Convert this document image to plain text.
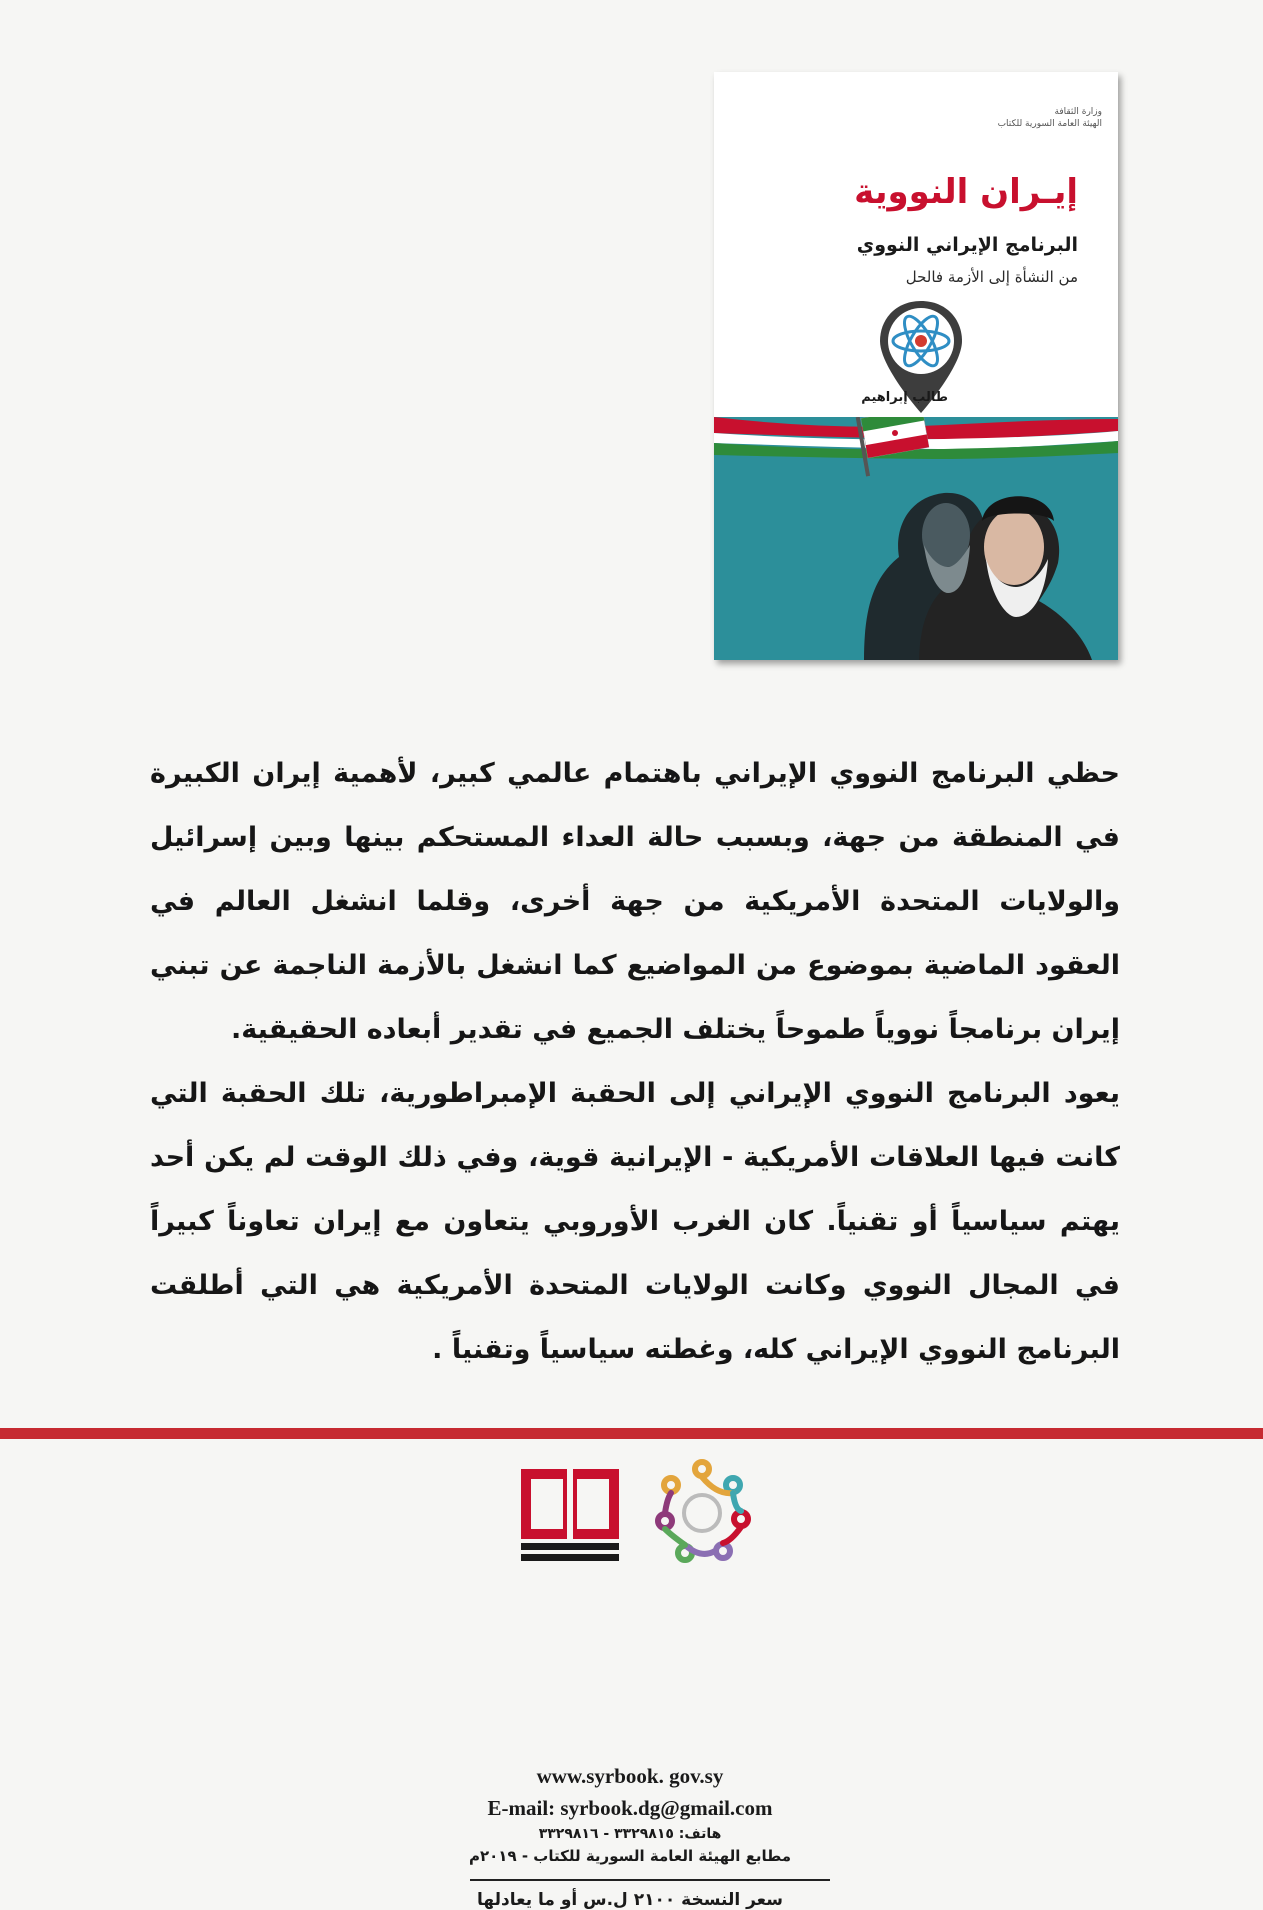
وزارة الثقافة
الهيئة العامة السورية للكتاب
إيـران النووية
البرنامج الإيراني النووي
من النشأة إلى الأزمة فالحل
طالب إبراهيم

حظي البرنامج النووي الإيراني باهتمام عالمي كبير، لأهمية إيران الكبيرة في المنطقة من جهة، وبسبب حالة العداء المستحكم بينها وبين إسرائيل والولايات المتحدة الأمريكية من جهة أخرى، وقلما انشغل العالم في العقود الماضية بموضوع من المواضيع كما انشغل بالأزمة الناجمة عن تبني إيران برنامجاً نووياً طموحاً يختلف الجميع في تقدير أبعاده الحقيقية.

يعود البرنامج النووي الإيراني إلى الحقبة الإمبراطورية، تلك الحقبة التي كانت فيها العلاقات الأمريكية - الإيرانية قوية، وفي ذلك الوقت لم يكن أحد يهتم سياسياً أو تقنياً. كان الغرب الأوروبي يتعاون مع إيران تعاوناً كبيراً في المجال النووي وكانت الولايات المتحدة الأمريكية هي التي أطلقت البرنامج النووي الإيراني كله، وغطته سياسياً وتقنياً .

www.syrbook. gov.sy
E-mail: syrbook.dg@gmail.com
هاتف: ٣٣٢٩٨١٥ - ٣٣٢٩٨١٦
مطابع الهيئة العامة السورية للكتاب - ٢٠١٩م
سعر النسخة ٢١٠٠ ل.س أو ما يعادلها
